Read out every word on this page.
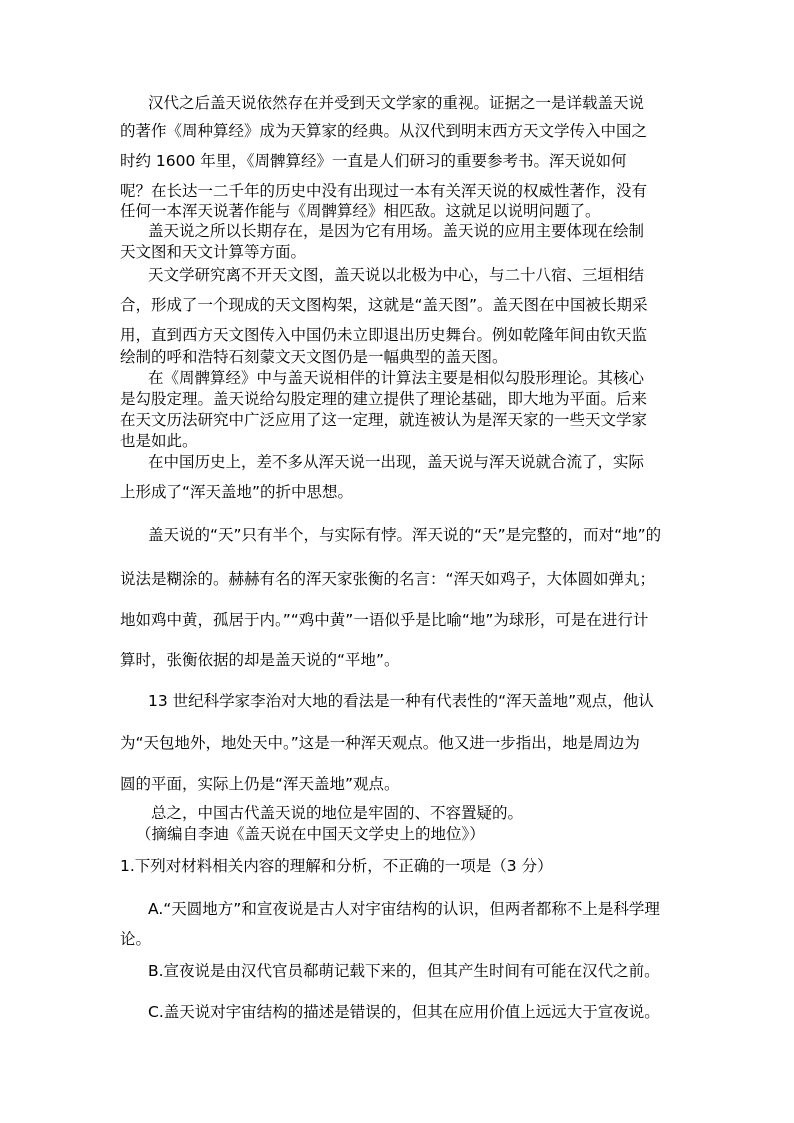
汉代之后盖天说依然存在并受到天文学家的重视。证据之一是详载盖天说
的著作《周种算经》成为天算家的经典。从汉代到明末西方天文学传入中国之
时约 1600 年里，《周髀算经》一直是人们研习的重要参考书。浑天说如何
呢？在长达一二千年的历史中没有出现过一本有关浑天说的权威性著作，没有
任何一本浑天说著作能与《周髀算经》相匹敌。这就足以说明问题了。
盖天说之所以长期存在，是因为它有用场。盖天说的应用主要体现在绘制
天文图和天文计算等方面。
天文学研究离不开天文图，盖天说以北极为中心，与二十八宿、三垣相结
合，形成了一个现成的天文图构架，这就是“盖天图”。盖天图在中国被长期采
用，直到西方天文图传入中国仍未立即退出历史舞台。例如乾隆年间由钦天监
绘制的呼和浩特石刻蒙文天文图仍是一幅典型的盖天图。
在《周髀算经》中与盖天说相伴的计算法主要是相似勾股形理论。其核心
是勾股定理。盖天说给勾股定理的建立提供了理论基础，即大地为平面。后来
在天文历法研究中广泛应用了这一定理，就连被认为是浑天家的一些天文学家
也是如此。
在中国历史上，差不多从浑天说一出现，盖天说与浑天说就合流了，实际
上形成了“浑天盖地”的折中思想。
盖天说的“天”只有半个，与实际有悖。浑天说的“天”是完整的，而对“地”的
说法是糊涂的。赫赫有名的浑天家张衡的名言：“浑天如鸡子，大体圆如弹丸；
地如鸡中黄，孤居于内。”“鸡中黄”一语似乎是比喻“地”为球形，可是在进行计
算时，张衡依据的却是盖天说的“平地”。
13 世纪科学家李治对大地的看法是一种有代表性的“浑天盖地”观点，他认
为“天包地外，地处天中。”这是一种浑天观点。他又进一步指出，地是周边为
圆的平面，实际上仍是“浑天盖地”观点。
总之，中国古代盖天说的地位是牢固的、不容置疑的。
（摘编自李迪《盖天说在中国天文学史上的地位》）
1.下列对材料相关内容的理解和分析，不正确的一项是（3 分）
A.“天圆地方”和宣夜说是古人对宇宙结构的认识，但两者都称不上是科学理
论。
B.宣夜说是由汉代官员郗萌记载下来的，但其产生时间有可能在汉代之前。
C.盖天说对宇宙结构的描述是错误的，但其在应用价值上远远大于宣夜说。
